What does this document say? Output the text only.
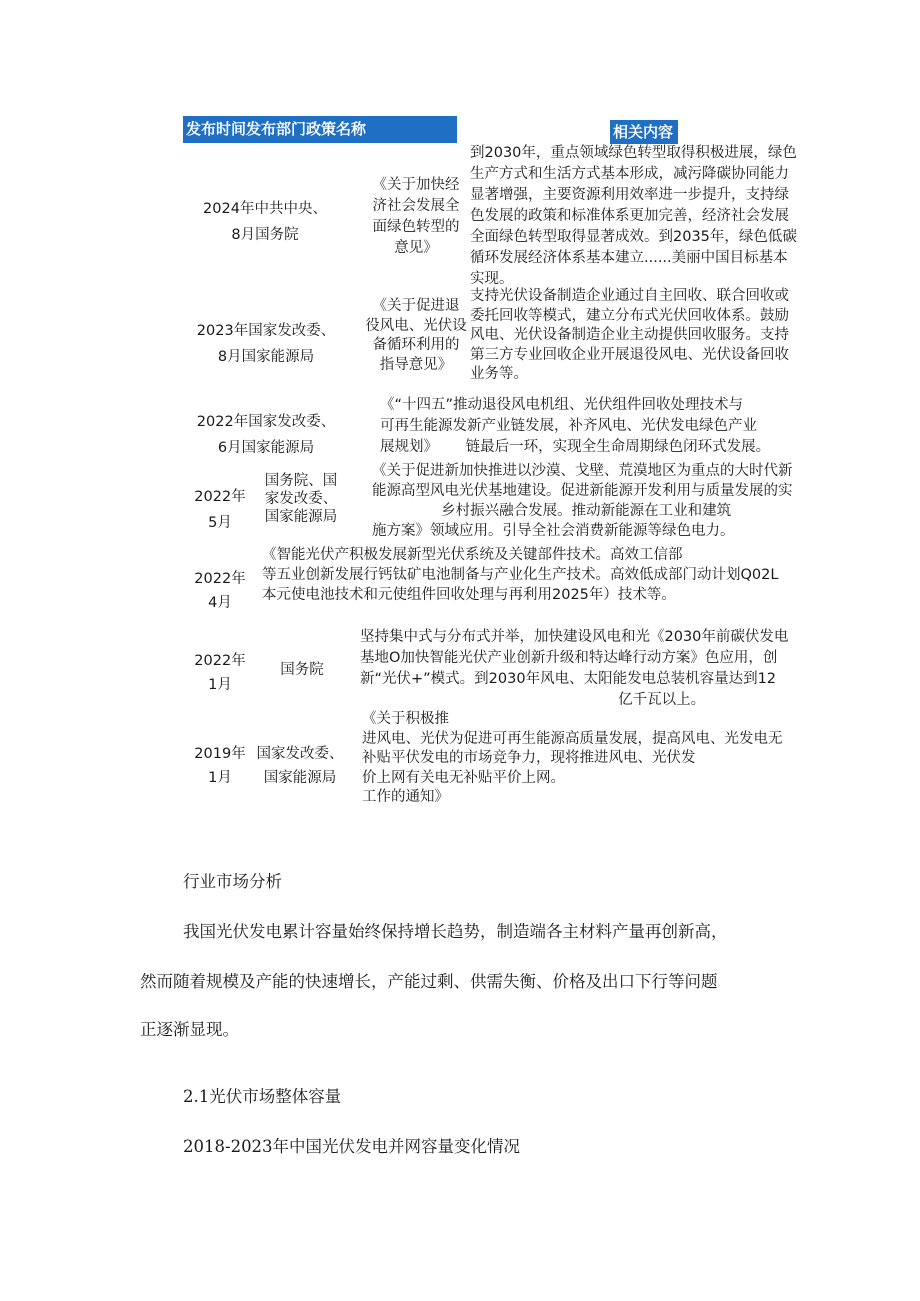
发布时间发布部门政策名称	相关内容
2024年中共中央、
8月国务院
《关于加快经
济社会发展全
面绿色转型的
意见》
到2030年，重点领域绿色转型取得积极进展，绿色
生产方式和生活方式基本形成，减污降碳协同能力
显著增强，主要资源利用效率进一步提升，支持绿
色发展的政策和标准体系更加完善，经济社会发展
全面绿色转型取得显著成效。到2035年，绿色低碳
循环发展经济体系基本建立......美丽中国目标基本
实现。
2023年国家发改委、
8月国家能源局
《关于促进退
役风电、光伏设
备循环利用的
指导意见》
支持光伏设备制造企业通过自主回收、联合回收或
委托回收等模式，建立分布式光伏回收体系。鼓励
风电、光伏设备制造企业主动提供回收服务。支持
第三方专业回收企业开展退役风电、光伏设备回收
业务等。
2022年国家发改委、
6月国家能源局
《“十四五”推动退役风电机组、光伏组件回收处理技术与
可再生能源发新产业链发展，补齐风电、光伏发电绿色产业
展规划》      链最后一环，实现全生命周期绿色闭环式发展。
2022年
5月
国务院、国
家发改委、
国家能源局
《关于促进新加快推进以沙漠、戈壁、荒漠地区为重点的大时代新
能源高型风电光伏基地建设。促进新能源开发利用与质量发展的实
乡村振兴融合发展。推动新能源在工业和建筑
施方案》领域应用。引导全社会消费新能源等绿色电力。
2022年
4月
《智能光伏产积极发展新型光伏系统及关键部件技术。高效工信部
等五业创新发展行钙钛矿电池制备与产业化生产技术。高效低成部门动计划Q02L
本元使电池技术和元使组件回收处理与再利用2025年）技术等。
2022年
1月
国务院
坚持集中式与分布式并举，加快建设风电和光《2030年前碳伏发电
基地O加快智能光伏产业创新升级和特达峰行动方案》色应用，创
新“光伏+”模式。到2030年风电、太阳能发电总装机容量达到12
亿千瓦以上。
2019年
1月
国家发改委、
国家能源局
《关于积极推
进风电、光伏为促进可再生能源高质量发展，提高风电、光发电无
补贴平伏发电的市场竞争力，现将推进风电、光伏发
价上网有关电无补贴平价上网。
工作的通知》
行业市场分析
我国光伏发电累计容量始终保持增长趋势，制造端各主材料产量再创新高，
然而随着规模及产能的快速增长，产能过剩、供需失衡、价格及出口下行等问题
正逐渐显现。
2.1光伏市场整体容量
2018-2023年中国光伏发电并网容量变化情况
